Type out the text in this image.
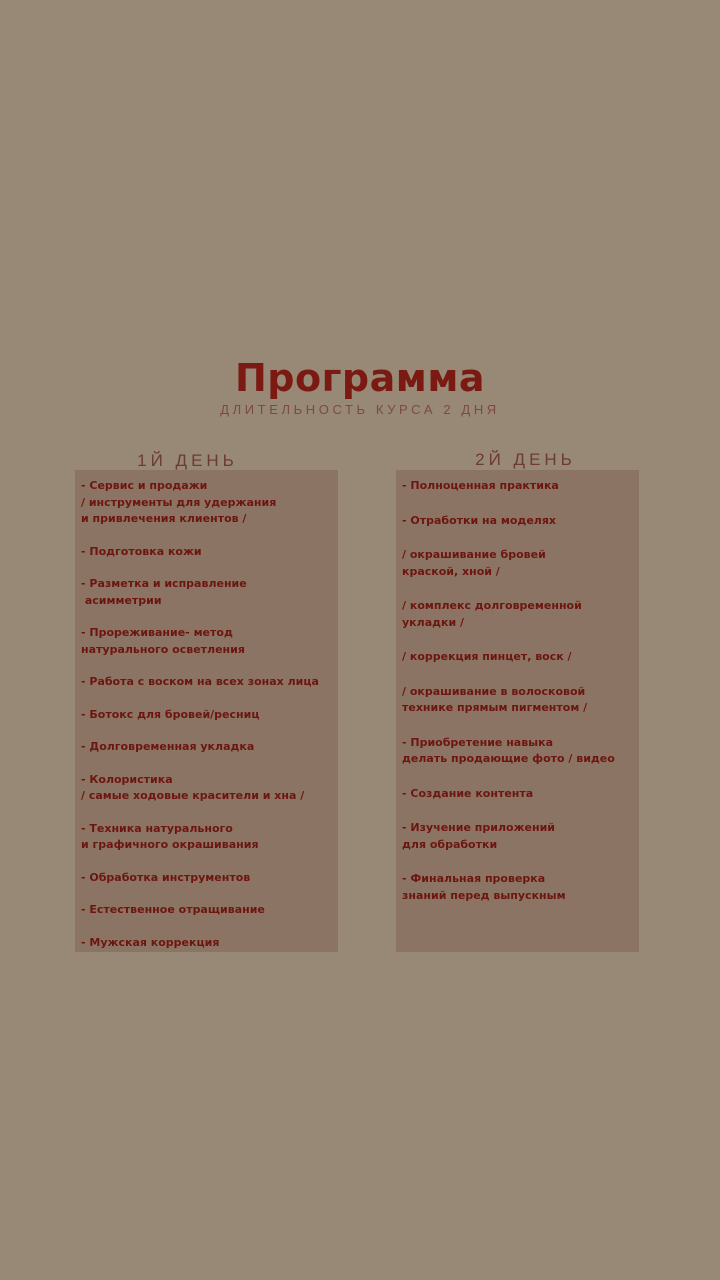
Программа
ДЛИТЕЛЬНОСТЬ КУРСА 2 ДНЯ
1Й ДЕНЬ	2Й ДЕНЬ

- Сервис и продажи
/ инструменты для удержания
и привлечения клиентов /

- Подготовка кожи

- Разметка и исправление
асимметрии

- Прореживание- метод
натурального осветления

- Работа с воском на всех зонах лица

- Ботокс для бровей/ресниц

- Долговременная укладка

- Колористика
/ самые ходовые красители и хна /

- Техника натурального
и графичного окрашивания

- Обработка инструментов

- Естественное отращивание

- Мужская коррекция

- Полноценная практика

- Отработки на моделях

/ окрашивание бровей
краской, хной /

/ комплекс долговременной
укладки /

/ коррекция пинцет, воск /

/ окрашивание в волосковой
технике прямым пигментом /

- Приобретение навыка
делать продающие фото / видео

- Создание контента

- Изучение приложений
для обработки

- Финальная проверка
знаний перед выпускным
